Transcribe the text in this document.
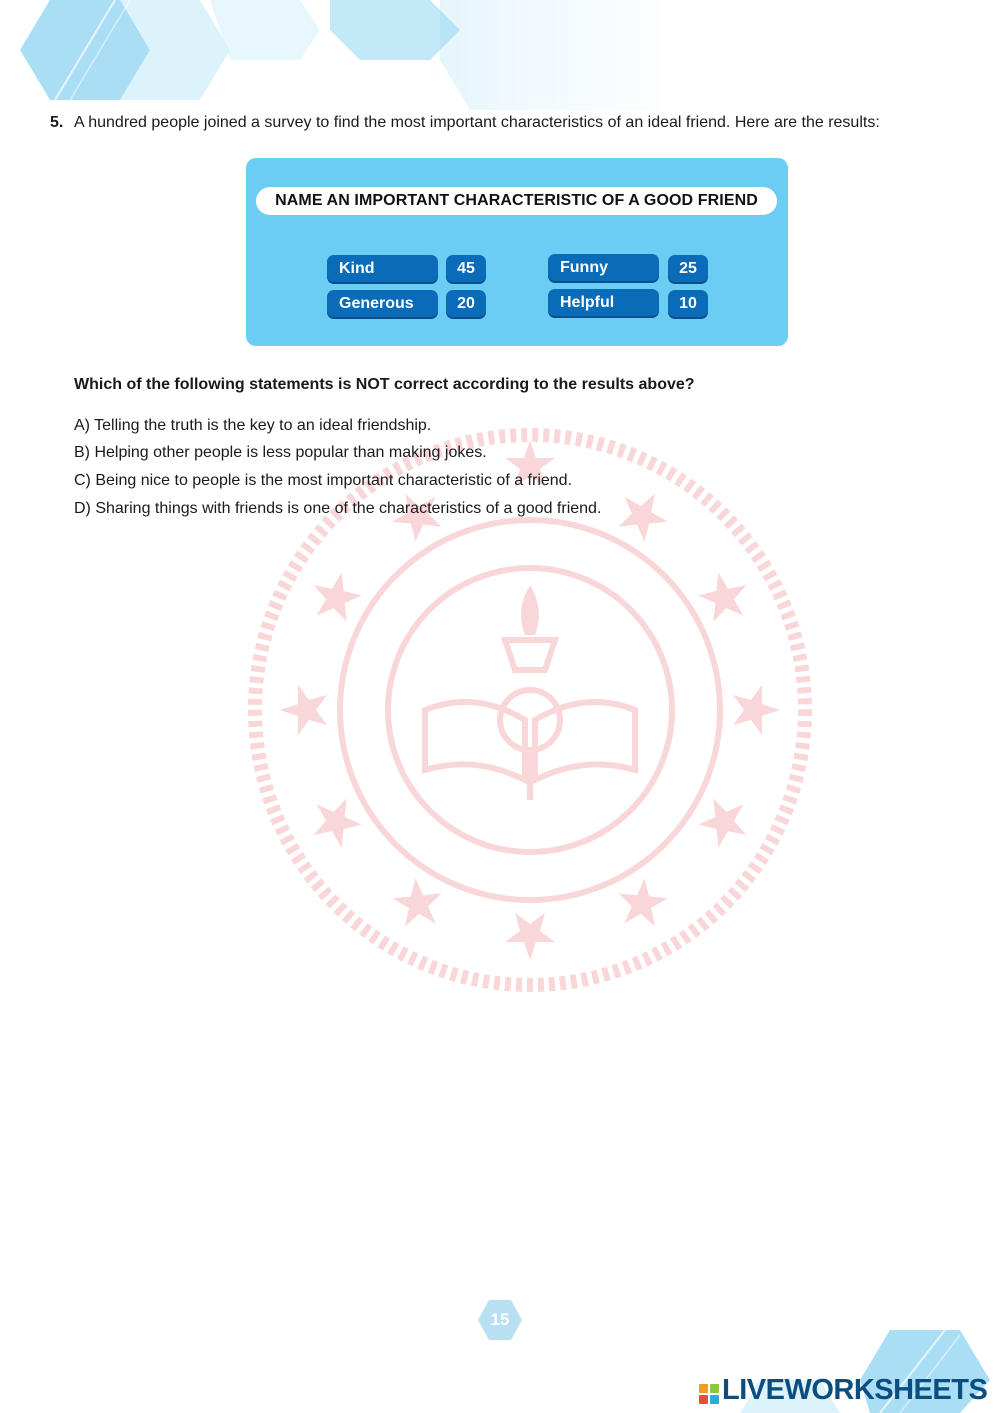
5. A hundred people joined a survey to find the most important characteristics of an ideal friend. Here are the results:
NAME AN IMPORTANT CHARACTERISTIC OF A GOOD FRIEND
Kind	45	Funny	25
Generous	20	Helpful	10
Which of the following statements is NOT correct according to the results above?
A) Telling the truth is the key to an ideal friendship.
B) Helping other people is less popular than making jokes.
C) Being nice to people is the most important characteristic of a friend.
D) Sharing things with friends is one of the characteristics of a good friend.
15
LIVEWORKSHEETS
